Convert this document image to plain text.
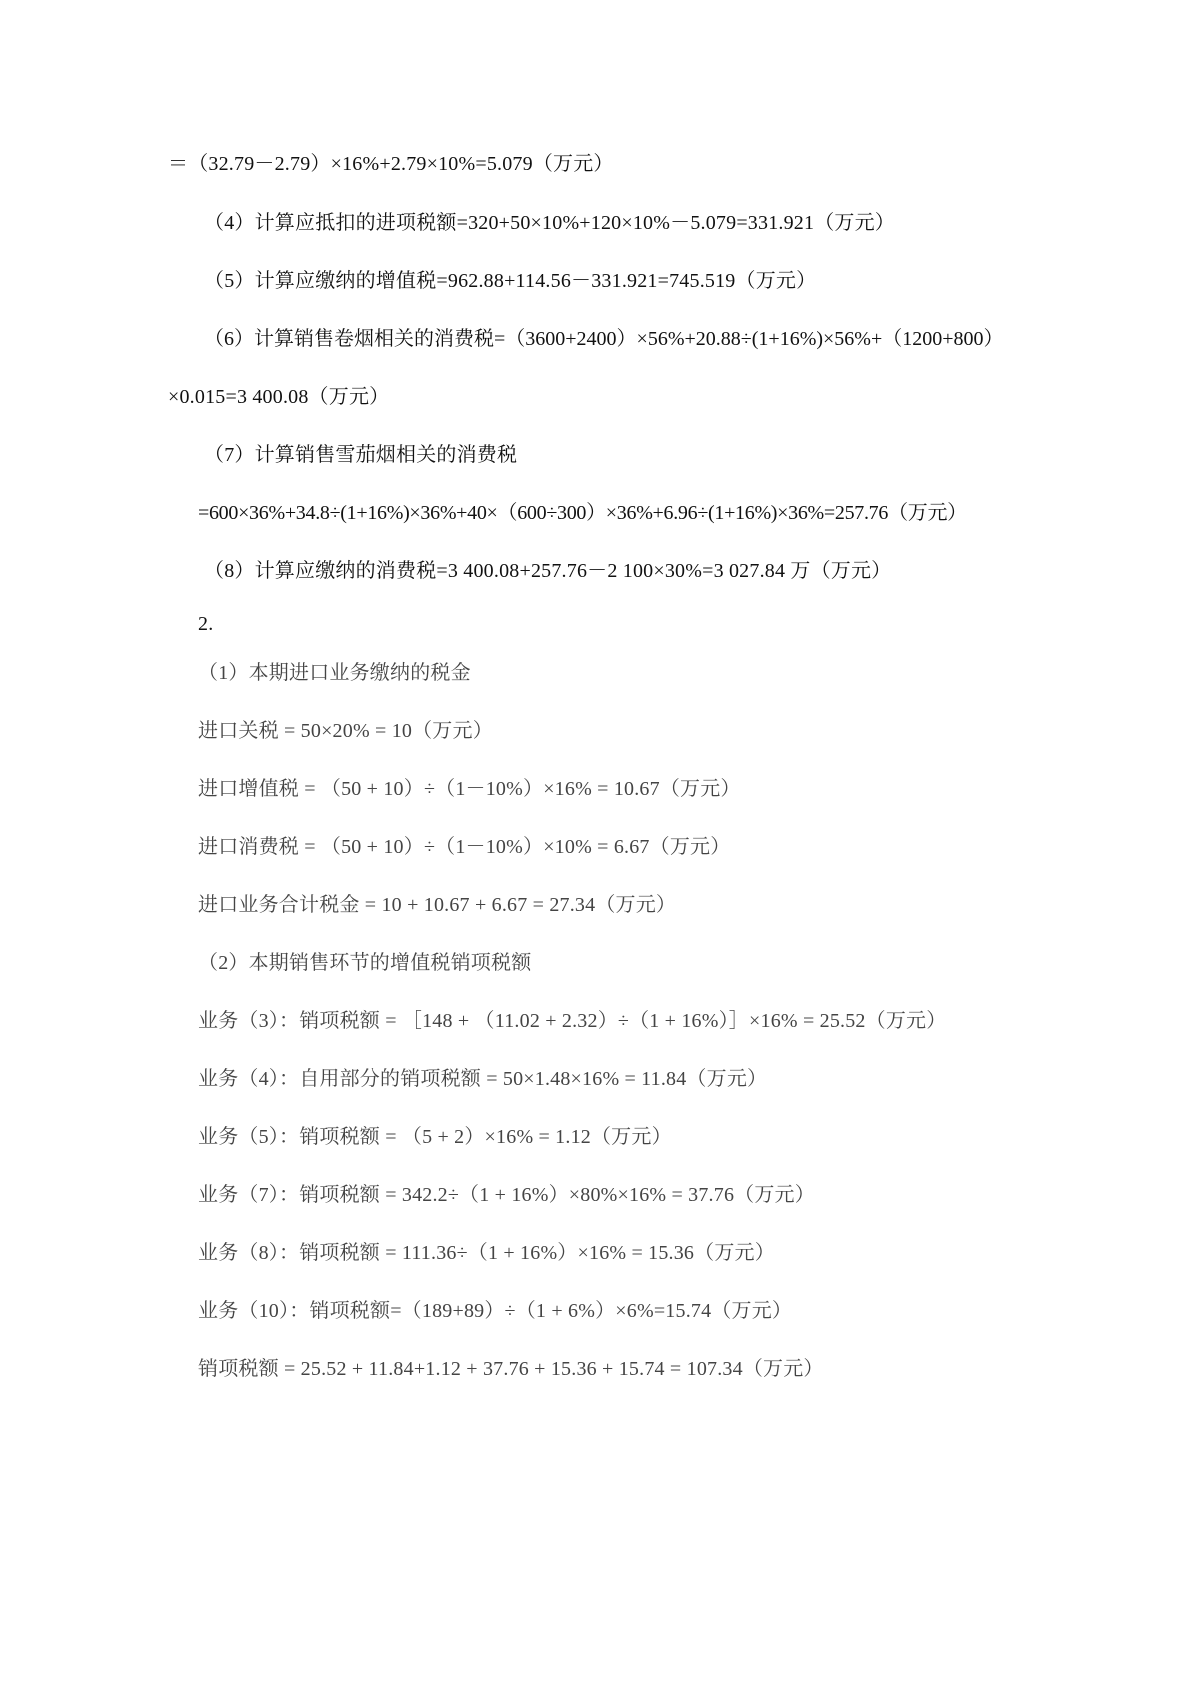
＝（32.79－2.79）×16%+2.79×10%=5.079（万元）
（4）计算应抵扣的进项税额=320+50×10%+120×10%－5.079=331.921（万元）
（5）计算应缴纳的增值税=962.88+114.56－331.921=745.519（万元）
（6）计算销售卷烟相关的消费税=（3600+2400）×56%+20.88÷(1+16%)×56%+（1200+800）
×0.015=3 400.08（万元）
（7）计算销售雪茄烟相关的消费税
=600×36%+34.8÷(1+16%)×36%+40×（600÷300）×36%+6.96÷(1+16%)×36%=257.76（万元）
（8）计算应缴纳的消费税=3 400.08+257.76－2 100×30%=3 027.84 万（万元）
2.
（1）本期进口业务缴纳的税金
进口关税 = 50×20% = 10（万元）
进口增值税 = （50 + 10）÷（1－10%）×16% = 10.67（万元）
进口消费税 = （50 + 10）÷（1－10%）×10% = 6.67（万元）
进口业务合计税金 = 10 + 10.67 + 6.67 = 27.34（万元）
（2）本期销售环节的增值税销项税额
业务（3）：销项税额 = ［148 + （11.02 + 2.32）÷（1 + 16%）］×16% = 25.52（万元）
业务（4）：自用部分的销项税额 = 50×1.48×16% = 11.84（万元）
业务（5）：销项税额 = （5 + 2）×16% = 1.12（万元）
业务（7）：销项税额 = 342.2÷（1 + 16%）×80%×16% = 37.76（万元）
业务（8）：销项税额 = 111.36÷（1 + 16%）×16% = 15.36（万元）
业务（10）：销项税额=（189+89）÷（1 + 6%）×6%=15.74（万元）
销项税额 = 25.52 + 11.84+1.12 + 37.76 + 15.36 + 15.74 = 107.34（万元）
